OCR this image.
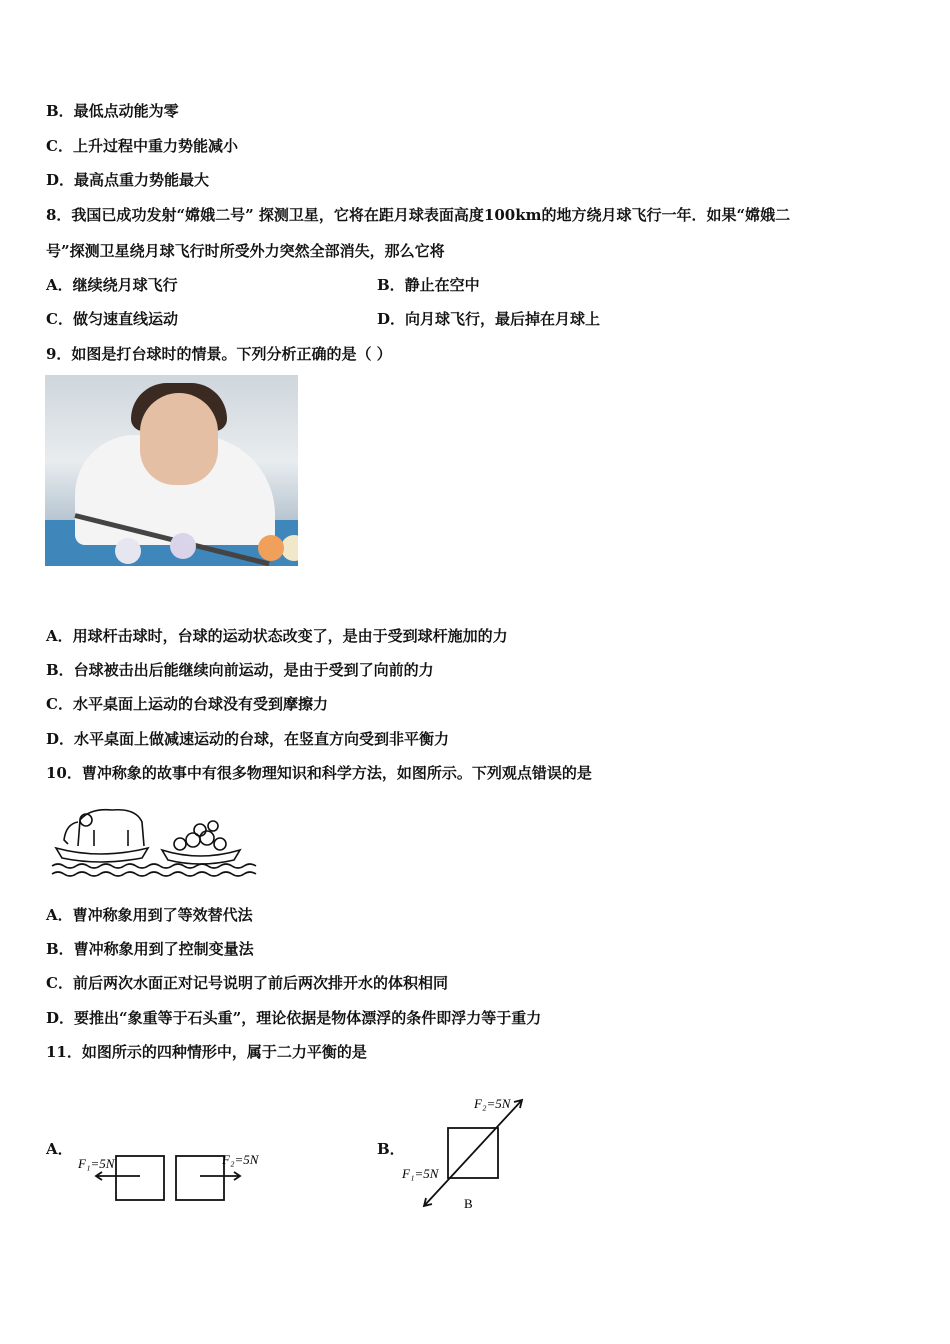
B．最低点动能为零
C．上升过程中重力势能减小
D．最高点重力势能最大
8．我国已成功发射“嫦娥二号” 探测卫星，它将在距月球表面高度100km的地方绕月球飞行一年．如果“嫦娥二
号”探测卫星绕月球飞行时所受外力突然全部消失，那么它将
A．继续绕月球飞行	B．静止在空中
C．做匀速直线运动	D．向月球飞行，最后掉在月球上
9．如图是打台球时的情景。下列分析正确的是（ ）
A．用球杆击球时，台球的运动状态改变了，是由于受到球杆施加的力
B．台球被击出后能继续向前运动，是由于受到了向前的力
C．水平桌面上运动的台球没有受到摩擦力
D．水平桌面上做减速运动的台球，在竖直方向受到非平衡力
10．曹冲称象的故事中有很多物理知识和科学方法，如图所示。下列观点错误的是
A．曹冲称象用到了等效替代法
B．曹冲称象用到了控制变量法
C．前后两次水面正对记号说明了前后两次排开水的体积相同
D．要推出“象重等于石头重”，理论依据是物体漂浮的条件即浮力等于重力
11．如图所示的四种情形中，属于二力平衡的是
A．
F₁=5N	F₂=5N
B．
F₂=5N
F₁=5N
B
